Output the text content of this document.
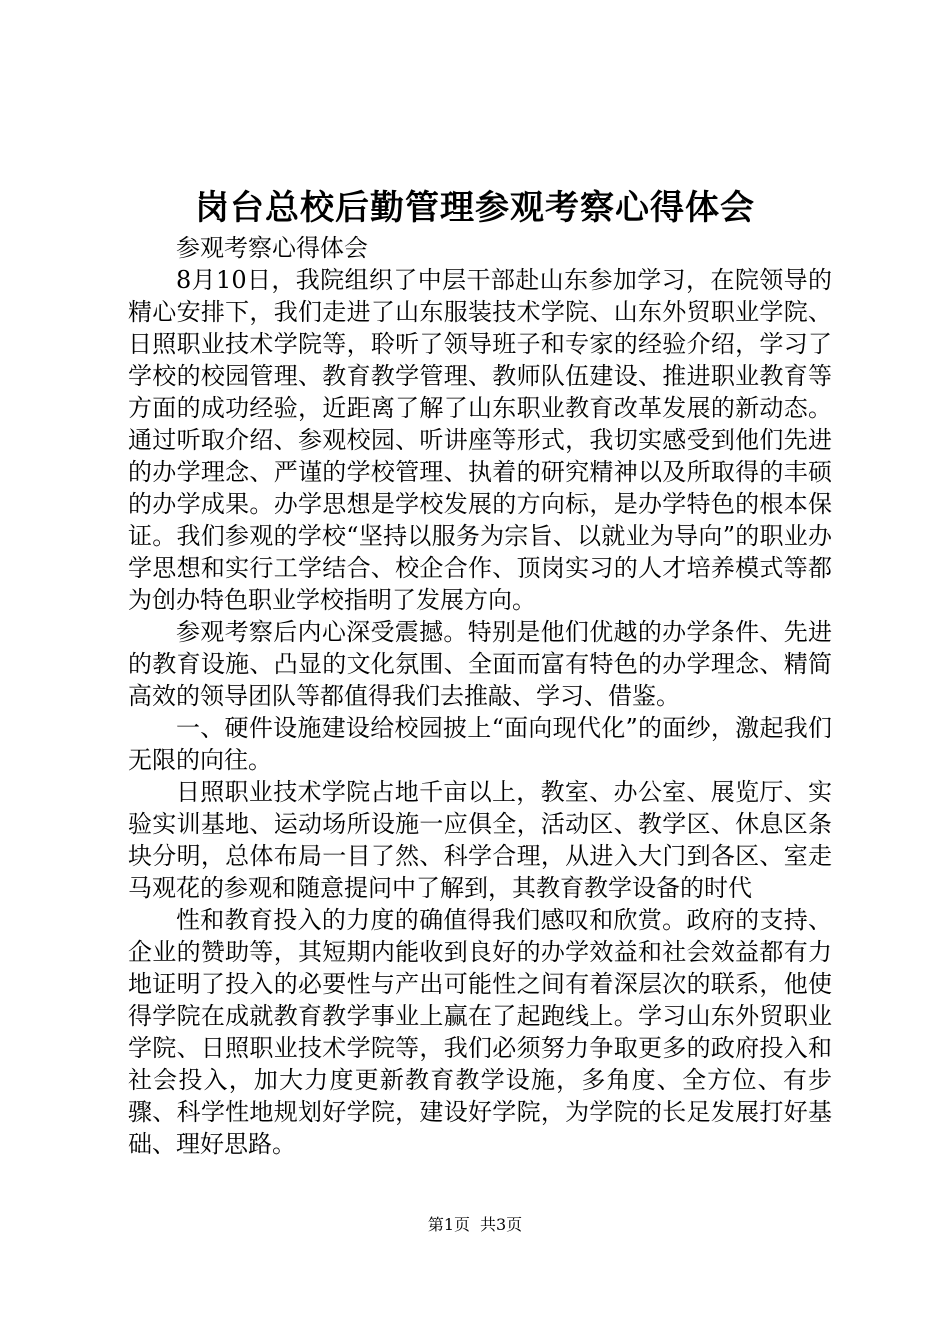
岗台总校后勤管理参观考察心得体会

参观考察心得体会

8月10日，我院组织了中层干部赴山东参加学习，在院领导的精心安排下，我们走进了山东服装技术学院、山东外贸职业学院、日照职业技术学院等，聆听了领导班子和专家的经验介绍，学习了学校的校园管理、教育教学管理、教师队伍建设、推进职业教育等方面的成功经验，近距离了解了山东职业教育改革发展的新动态。通过听取介绍、参观校园、听讲座等形式，我切实感受到他们先进的办学理念、严谨的学校管理、执着的研究精神以及所取得的丰硕的办学成果。办学思想是学校发展的方向标，是办学特色的根本保证。我们参观的学校“坚持以服务为宗旨、以就业为导向”的职业办学思想和实行工学结合、校企合作、顶岗实习的人才培养模式等都为创办特色职业学校指明了发展方向。

参观考察后内心深受震撼。特别是他们优越的办学条件、先进的教育设施、凸显的文化氛围、全面而富有特色的办学理念、精简高效的领导团队等都值得我们去推敲、学习、借鉴。

一、硬件设施建设给校园披上“面向现代化”的面纱，激起我们无限的向往。

日照职业技术学院占地千亩以上，教室、办公室、展览厅、实验实训基地、运动场所设施一应俱全，活动区、教学区、休息区条块分明，总体布局一目了然、科学合理，从进入大门到各区、室走马观花的参观和随意提问中了解到，其教育教学设备的时代

性和教育投入的力度的确值得我们感叹和欣赏。政府的支持、企业的赞助等，其短期内能收到良好的办学效益和社会效益都有力地证明了投入的必要性与产出可能性之间有着深层次的联系，他使得学院在成就教育教学事业上赢在了起跑线上。学习山东外贸职业学院、日照职业技术学院等，我们必须努力争取更多的政府投入和社会投入，加大力度更新教育教学设施，多角度、全方位、有步骤、科学性地规划好学院，建设好学院，为学院的长足发展打好基础、理好思路。

第1页 共3页
